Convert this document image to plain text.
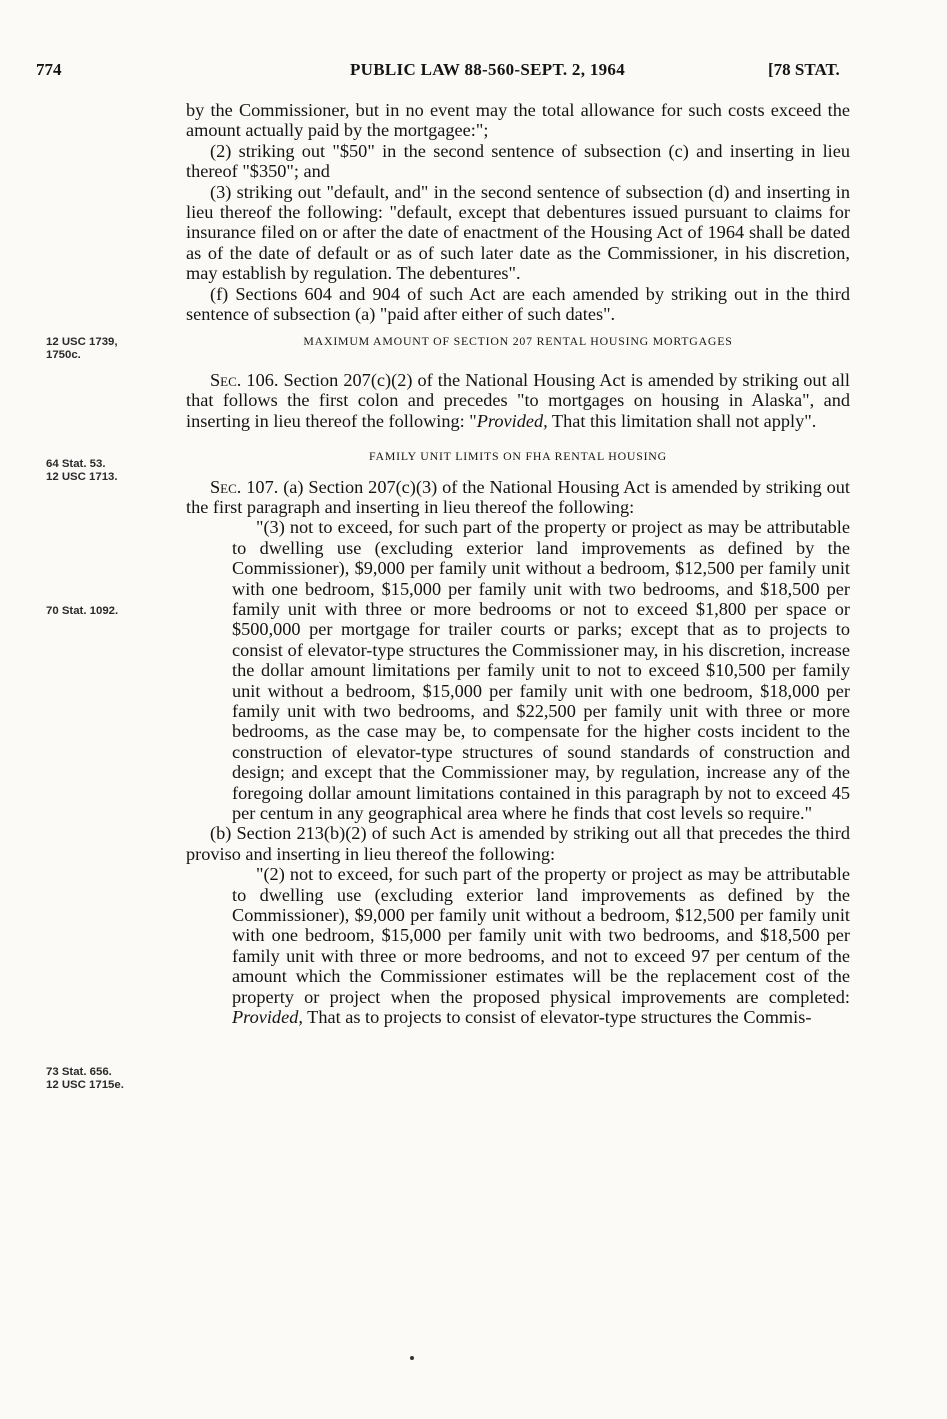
774	PUBLIC LAW 88-560-SEPT. 2, 1964	[78 STAT.
12 USC 1739,
1750c.
64 Stat. 53.
12 USC 1713.
70 Stat. 1092.
73 Stat. 656.
12 USC 1715e.

by the Commissioner, but in no event may the total allowance for such costs exceed the amount actually paid by the mortgagee:";

(2) striking out "$50" in the second sentence of subsection (c) and inserting in lieu thereof "$350"; and

(3) striking out "default, and" in the second sentence of subsection (d) and inserting in lieu thereof the following: "default, except that debentures issued pursuant to claims for insurance filed on or after the date of enactment of the Housing Act of 1964 shall be dated as of the date of default or as of such later date as the Commissioner, in his discretion, may establish by regulation. The debentures".

(f) Sections 604 and 904 of such Act are each amended by striking out in the third sentence of subsection (a) "paid after either of such dates".

MAXIMUM AMOUNT OF SECTION 207 RENTAL HOUSING MORTGAGES

Sec. 106. Section 207(c)(2) of the National Housing Act is amended by striking out all that follows the first colon and precedes "to mortgages on housing in Alaska", and inserting in lieu thereof the following: "Provided, That this limitation shall not apply".

FAMILY UNIT LIMITS ON FHA RENTAL HOUSING

Sec. 107. (a) Section 207(c)(3) of the National Housing Act is amended by striking out the first paragraph and inserting in lieu thereof the following:

"(3) not to exceed, for such part of the property or project as may be attributable to dwelling use (excluding exterior land improvements as defined by the Commissioner), $9,000 per family unit without a bedroom, $12,500 per family unit with one bedroom, $15,000 per family unit with two bedrooms, and $18,500 per family unit with three or more bedrooms or not to exceed $1,800 per space or $500,000 per mortgage for trailer courts or parks; except that as to projects to consist of elevator-type structures the Commissioner may, in his discretion, increase the dollar amount limitations per family unit to not to exceed $10,500 per family unit without a bedroom, $15,000 per family unit with one bedroom, $18,000 per family unit with two bedrooms, and $22,500 per family unit with three or more bedrooms, as the case may be, to compensate for the higher costs incident to the construction of elevator-type structures of sound standards of construction and design; and except that the Commissioner may, by regulation, increase any of the foregoing dollar amount limitations contained in this paragraph by not to exceed 45 per centum in any geographical area where he finds that cost levels so require."

(b) Section 213(b)(2) of such Act is amended by striking out all that precedes the third proviso and inserting in lieu thereof the following:

"(2) not to exceed, for such part of the property or project as may be attributable to dwelling use (excluding exterior land improvements as defined by the Commissioner), $9,000 per family unit without a bedroom, $12,500 per family unit with one bedroom, $15,000 per family unit with two bedrooms, and $18,500 per family unit with three or more bedrooms, and not to exceed 97 per centum of the amount which the Commissioner estimates will be the replacement cost of the property or project when the proposed physical improvements are completed: Provided, That as to projects to consist of elevator-type structures the Commis-
